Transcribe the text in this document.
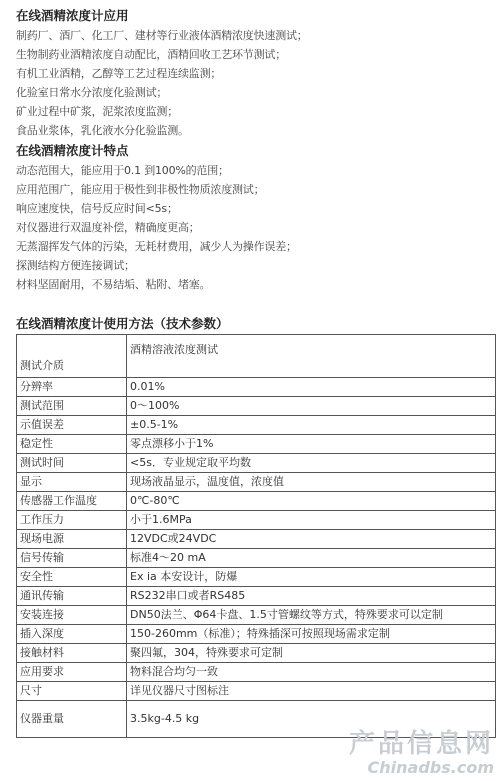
在线酒精浓度计应用
制药厂、酒厂、化工厂、建材等行业液体酒精浓度快速测试；
生物制药业酒精浓度自动配比，酒精回收工艺环节测试；
有机工业酒精，乙醇等工艺过程连续监测；
化验室日常水分浓度化验测试；
矿业过程中矿浆，泥浆浓度监测；
食品业浆体，乳化液水分化验监测。
在线酒精浓度计特点
动态范围大，能应用于0.1 到100%的范围；
应用范围广，能应用于极性到非极性物质浓度测试；
响应速度快，信号反应时间<5s；
对仪器进行双温度补偿，精确度更高；
无蒸溜挥发气体的污染，无耗材费用，减少人为操作误差；
探测结构方便连接调试；
材料坚固耐用，不易结垢、粘附、堵塞。
在线酒精浓度计使用方法（技术参数）
测试介质	酒精溶液浓度测试
分辨率	0.01%
测试范围	0～100%
示值误差	±0.5-1%
稳定性	零点漂移小于1%
测试时间	<5s．专业规定取平均数
显示	现场液晶显示，温度值，浓度值
传感器工作温度	0℃-80℃
工作压力	小于1.6MPa
现场电源	12VDC或24VDC
信号传输	标准4～20 mA
安全性	Ex ia 本安设计，防爆
通讯传输	RS232串口或者RS485
安装连接	DN50法兰、Φ64卡盘、1.5寸管螺纹等方式，特殊要求可以定制
插入深度	150-260mm（标准）；特殊插深可按照现场需求定制
接触材料	聚四氟，304，特殊要求可定制
应用要求	物料混合均匀一致
尺寸	详见仪器尺寸图标注
仪器重量	3.5kg-4.5 kg
产品信息网
Chinadbs.com
